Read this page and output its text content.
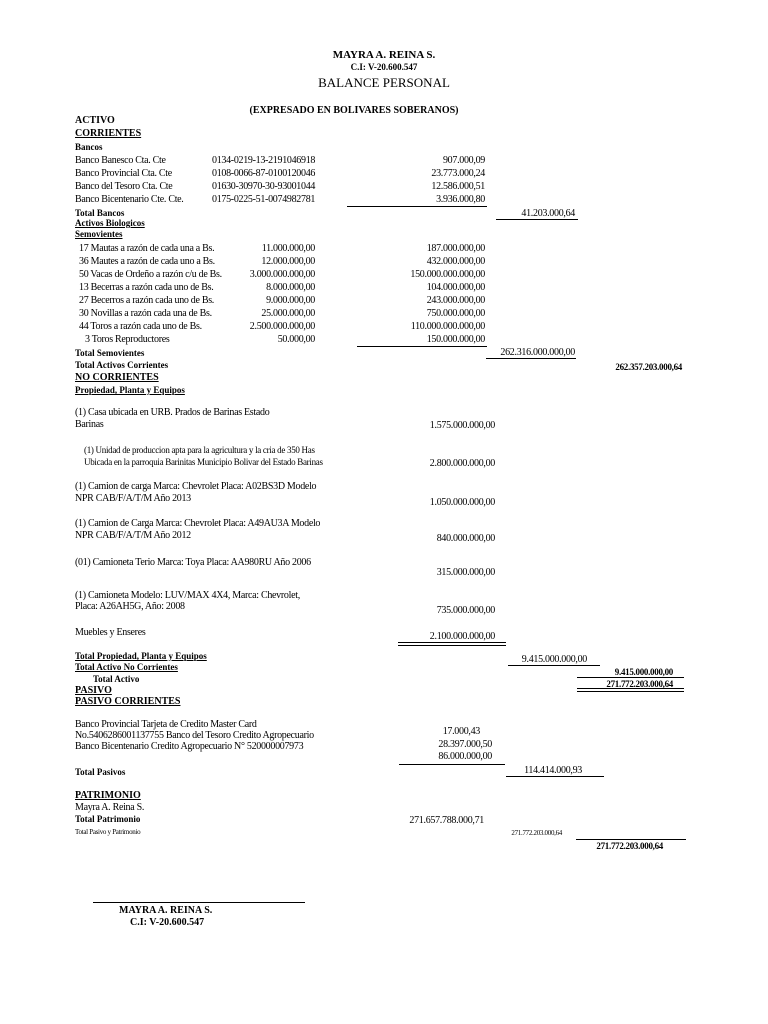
MAYRA A. REINA S.
C.I: V-20.600.547
BALANCE PERSONAL
(EXPRESADO EN BOLIVARES SOBERANOS)
ACTIVO
CORRIENTES
Bancos
Banco Banesco Cta. Cte	0134-0219-13-2191046918	907.000,09
Banco Provincial Cta. Cte	0108-0066-87-0100120046	23.773.000,24
Banco del Tesoro Cta. Cte	01630-30970-30-93001044	12.586.000,51
Banco Bicentenario Cte. Cte.	0175-0225-51-0074982781	3.936.000,80
Total Bancos	41.203.000,64
Activos Biologicos
Semovientes
17 Mautas a razón de cada una a Bs.	11.000.000,00	187.000.000,00
36 Mautes a razón de cada uno a Bs.	12.000.000,00	432.000.000,00
50 Vacas de Ordeño a razón c/u de Bs.	3.000.000.000,00	150.000.000.000,00
13 Becerras a razón cada uno de Bs.	8.000.000,00	104.000.000,00
27 Becerros a razón cada uno de Bs.	9.000.000,00	243.000.000,00
30 Novillas a razón cada una de Bs.	25.000.000,00	750.000.000,00
44 Toros a razón cada uno de Bs.	2.500.000.000,00	110.000.000.000,00
3 Toros Reproductores	50.000,00	150.000.000,00
Total Semovientes	262.316.000.000,00
Total Activos Corrientes	262.357.203.000,64
NO CORRIENTES
Propiedad, Planta y Equipos
(1) Casa ubicada en URB. Prados de Barinas Estado
Barinas	1.575.000.000,00
(1) Unidad de produccion apta para la agricultura y la cria de 350 Has
Ubicada en la parroquia Barinitas Municipio Bolivar del Estado Barinas	2.800.000.000,00
(1) Camion de carga Marca: Chevrolet Placa: A02BS3D Modelo
NPR CAB/F/A/T/M Año 2013	1.050.000.000,00
(1) Camion de Carga Marca: Chevrolet Placa: A49AU3A Modelo
NPR CAB/F/A/T/M Año 2012	840.000.000,00
(01) Camioneta Terio Marca: Toya Placa: AA980RU Año 2006
315.000.000,00
(1) Camioneta Modelo: LUV/MAX 4X4, Marca: Chevrolet,
Placa: A26AH5G, Año: 2008	735.000.000,00
Muebles y Enseres	2.100.000.000,00
Total Propiedad, Planta y Equipos	9.415.000.000,00
Total Activo No Corrientes	9.415.000.000,00
Total Activo	271.772.203.000,64
PASIVO
PASIVO CORRIENTES
Banco Provincial Tarjeta de Credito Master Card
17.000,43
No.5406286001137755 Banco del Tesoro Credito Agropecuario
28.397.000,50
Banco Bicentenario Credito Agropecuario N° 520000007973
86.000.000,00
Total Pasivos	114.414.000,93
PATRIMONIO
Mayra A. Reina S.
Total Patrimonio	271.657.788.000,71
Total Pasivo y Patrimonio	271.772.203.000,64
271.772.203.000,64
MAYRA A. REINA S.
C.I: V-20.600.547
